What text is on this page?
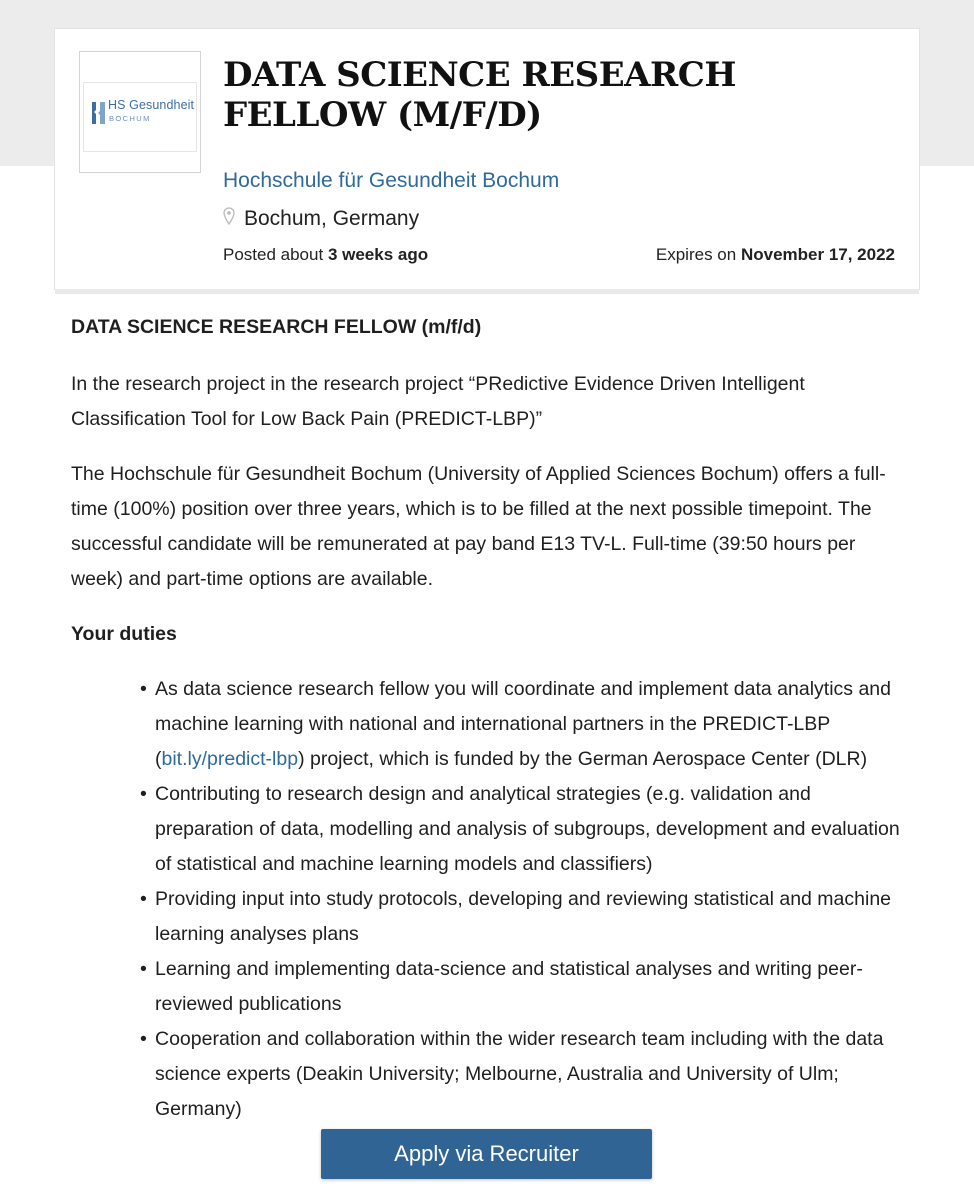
HS Gesundheit
BOCHUM
DATA SCIENCE RESEARCH FELLOW (M/F/D)
Hochschule für Gesundheit Bochum
Bochum, Germany
Posted about 3 weeks ago	Expires on November 17, 2022

DATA SCIENCE RESEARCH FELLOW (m/f/d)

In the research project in the research project “PRedictive Evidence Driven Intelligent Classification Tool for Low Back Pain (PREDICT-LBP)”

The Hochschule für Gesundheit Bochum (University of Applied Sciences Bochum) offers a full-time (100%) position over three years, which is to be filled at the next possible timepoint. The successful candidate will be remunerated at pay band E13 TV-L. Full-time (39:50 hours per week) and part-time options are available.

Your duties

• As data science research fellow you will coordinate and implement data analytics and machine learning with national and international partners in the PREDICT-LBP (bit.ly/predict-lbp) project, which is funded by the German Aerospace Center (DLR)
• Contributing to research design and analytical strategies (e.g. validation and preparation of data, modelling and analysis of subgroups, development and evaluation of statistical and machine learning models and classifiers)
• Providing input into study protocols, developing and reviewing statistical and machine learning analyses plans
• Learning and implementing data-science and statistical analyses and writing peer-reviewed publications
• Cooperation and collaboration within the wider research team including with the data science experts (Deakin University; Melbourne, Australia and University of Ulm; Germany)
Apply via Recruiter
